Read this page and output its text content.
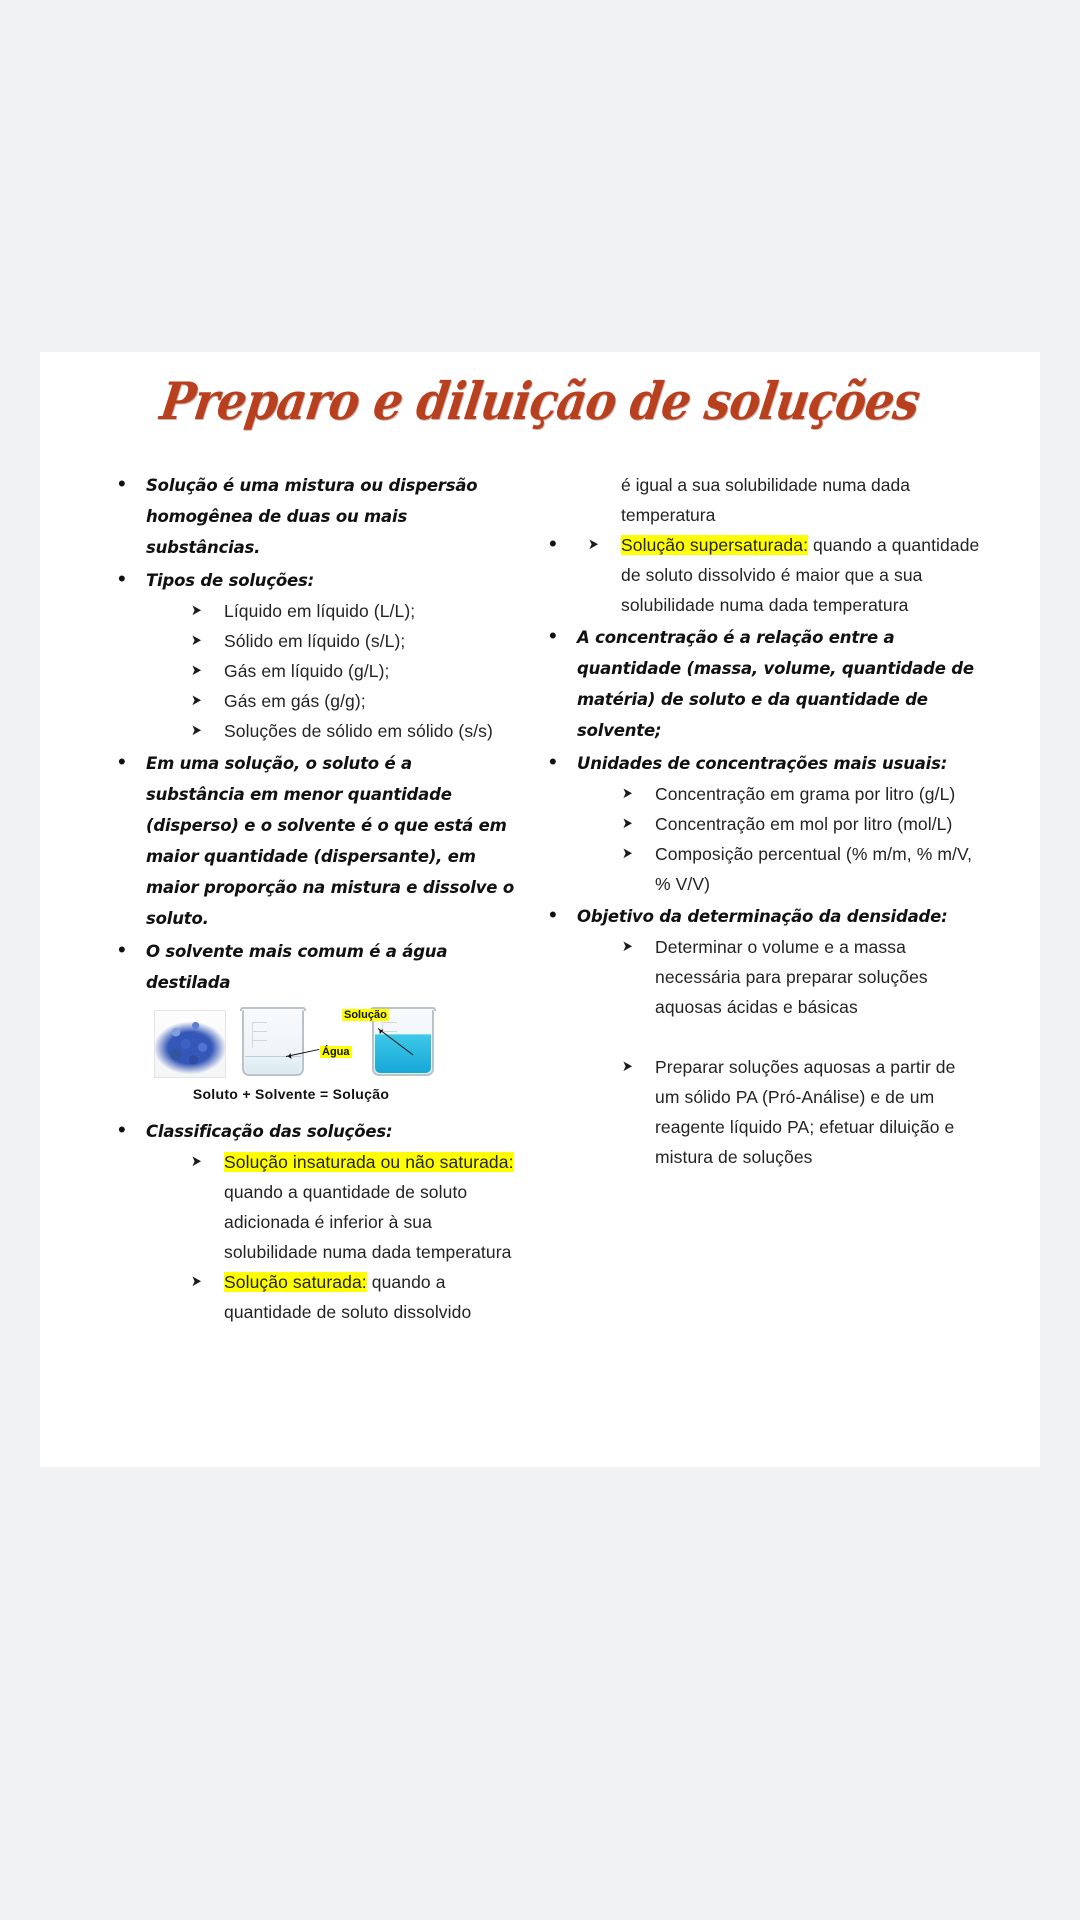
Preparo e diluição de soluções
• Solução é uma mistura ou dispersão homogênea de duas ou mais substâncias.
• Tipos de soluções:
➤ Líquido em líquido (L/L);
➤ Sólido em líquido (s/L);
➤ Gás em líquido (g/L);
➤ Gás em gás (g/g);
➤ Soluções de sólido em sólido (s/s)
• Em uma solução, o soluto é a substância em menor quantidade (disperso) e o solvente é o que está em maior quantidade (dispersante), em maior proporção na mistura e dissolve o soluto.
• O solvente mais comum é a água destilada
Água
Solução
Soluto + Solvente = Solução
• Classificação das soluções:
➤ Solução insaturada ou não saturada: quando a quantidade de soluto adicionada é inferior à sua solubilidade numa dada temperatura
➤ Solução saturada: quando a quantidade de soluto dissolvido

é igual a sua solubilidade numa dada temperatura

➤ • Solução supersaturada: quando a quantidade de soluto dissolvido é maior que a sua solubilidade numa dada temperatura
• A concentração é a relação entre a quantidade (massa, volume, quantidade de matéria) de soluto e da quantidade de solvente;
• Unidades de concentrações mais usuais:
➤ Concentração em grama por litro (g/L)
➤ Concentração em mol por litro (mol/L)
➤ Composição percentual (% m/m, % m/V, % V/V)
• Objetivo da determinação da densidade:
➤ Determinar o volume e a massa necessária para preparar soluções aquosas ácidas e básicas
➤ Preparar soluções aquosas a partir de um sólido PA (Pró-Análise) e de um reagente líquido PA; efetuar diluição e mistura de soluções
